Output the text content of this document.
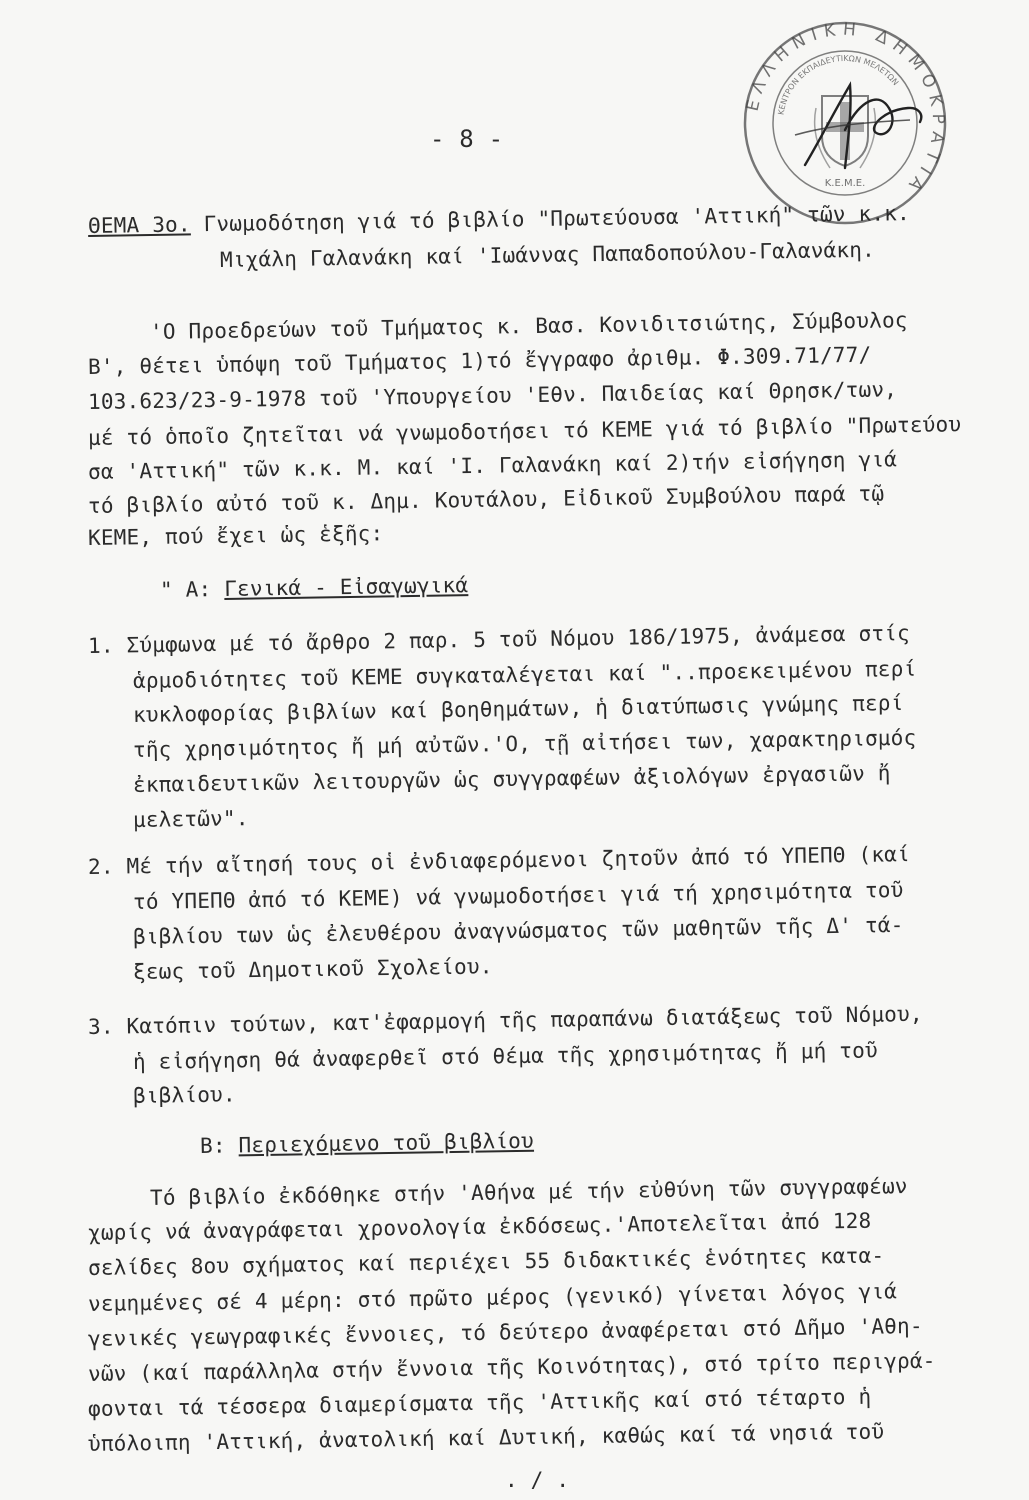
ΕΛΛΗΝΙΚΗ ΔΗΜΟΚΡΑΤΙΑ
ΚΕΝΤΡΟΝ ΕΚΠΑΙΔΕΥΤΙΚΩΝ ΜΕΛΕΤΩΝ
Κ.Ε.Μ.Ε.
- 8 -
ΘΕΜΑ 3ο. Γνωμοδότηση γιά τό βιβλίο "Πρωτεύουσα 'Αττική" τῶν κ.κ.
Μιχάλη Γαλανάκη καί 'Ιωάννας Παπαδοπούλου-Γαλανάκη.
'Ο Προεδρεύων τοῦ Τμήματος κ. Βασ. Κονιδιτσιώτης, Σύμβουλος
Β', θέτει ὑπόψη τοῦ Τμήματος 1)τό ἔγγραφο ἀριθμ. Φ.309.71/77/
103.623/23-9-1978 τοῦ 'Υπουργείου 'Εθν. Παιδείας καί Θρησκ/των,
μέ τό ὁποῖο ζητεῖται νά γνωμοδοτήσει τό ΚΕΜΕ γιά τό βιβλίο "Πρωτεύου
σα 'Αττική" τῶν κ.κ. Μ. καί 'Ι. Γαλανάκη καί 2)τήν εἰσήγηση γιά
τό βιβλίο αὐτό τοῦ κ. Δημ. Κουτάλου, Εἰδικοῦ Συμβούλου παρά τῷ
ΚΕΜΕ, πού ἔχει ὡς ἑξῆς:
" Α: Γενικά - Εἰσαγωγικά
1. Σύμφωνα μέ τό ἄρθρο 2 παρ. 5 τοῦ Νόμου 186/1975, ἀνάμεσα στίς
ἁρμοδιότητες τοῦ ΚΕΜΕ συγκαταλέγεται καί "..προεκειμένου περί
κυκλοφορίας βιβλίων καί βοηθημάτων, ἡ διατύπωσις γνώμης περί
τῆς χρησιμότητος ἤ μή αὐτῶν.'Ο, τῇ αἰτήσει των, χαρακτηρισμός
ἐκπαιδευτικῶν λειτουργῶν ὡς συγγραφέων ἀξιολόγων ἐργασιῶν ἤ
μελετῶν".
2. Μέ τήν αἴτησή τους οἱ ἐνδιαφερόμενοι ζητοῦν ἀπό τό ΥΠΕΠΘ (καί
τό ΥΠΕΠΘ ἀπό τό ΚΕΜΕ) νά γνωμοδοτήσει γιά τή χρησιμότητα τοῦ
βιβλίου των ὡς ἐλευθέρου ἀναγνώσματος τῶν μαθητῶν τῆς Δ' τά-
ξεως τοῦ Δημοτικοῦ Σχολείου.
3. Κατόπιν τούτων, κατ'ἐφαρμογή τῆς παραπάνω διατάξεως τοῦ Νόμου,
ἡ εἰσήγηση θά ἀναφερθεῖ στό θέμα τῆς χρησιμότητας ἤ μή τοῦ
βιβλίου.
Β: Περιεχόμενο τοῦ βιβλίου
Τό βιβλίο ἐκδόθηκε στήν 'Αθήνα μέ τήν εὐθύνη τῶν συγγραφέων
χωρίς νά ἀναγράφεται χρονολογία ἐκδόσεως.'Αποτελεῖται ἀπό 128
σελίδες 8ου σχήματος καί περιέχει 55 διδακτικές ἑνότητες κατα-
νεμημένες σέ 4 μέρη: στό πρῶτο μέρος (γενικό) γίνεται λόγος γιά
γενικές γεωγραφικές ἔννοιες, τό δεύτερο ἀναφέρεται στό Δῆμο 'Αθη-
νῶν (καί παράλληλα στήν ἔννοια τῆς Κοινότητας), στό τρίτο περιγρά-
φονται τά τέσσερα διαμερίσματα τῆς 'Αττικῆς καί στό τέταρτο ἡ
ὑπόλοιπη 'Αττική, ἀνατολική καί Δυτική, καθώς καί τά νησιά τοῦ
. / .
